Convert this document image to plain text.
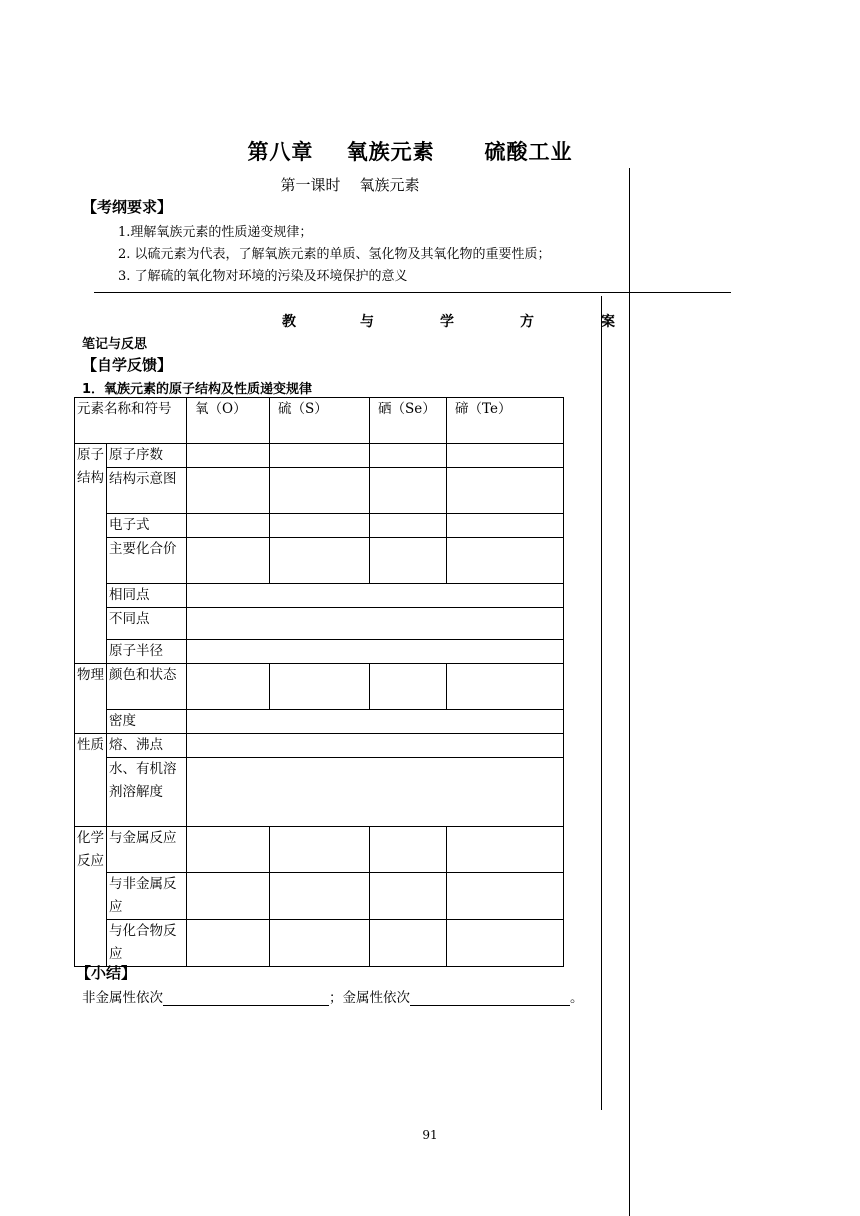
第八章    氧族元素      硫酸工业
第一课时    氧族元素
【考纲要求】
1.理解氧族元素的性质递变规律；
2. 以硫元素为代表，了解氧族元素的单质、氢化物及其氧化物的重要性质；
3. 了解硫的氧化物对环境的污染及环境保护的意义
教	与	学	方	案
笔记与反思
【自学反馈】
1．氧族元素的原子结构及性质递变规律
元素名称和符号		氧（O）	硫（S）	硒（Se）	碲（Te）
原子结构	原子序数				
	结构示意图				
	电子式				
	主要化合价				
	相同点				
	不同点				
	原子半径				
物理	颜色和状态				
	密度				
性质	熔、沸点				
	水、有机溶剂溶解度				
化学反应	与金属反应				
	与非金属反应				
	与化合物反应				
【小结】
非金属性依次	；金属性依次	。
91
